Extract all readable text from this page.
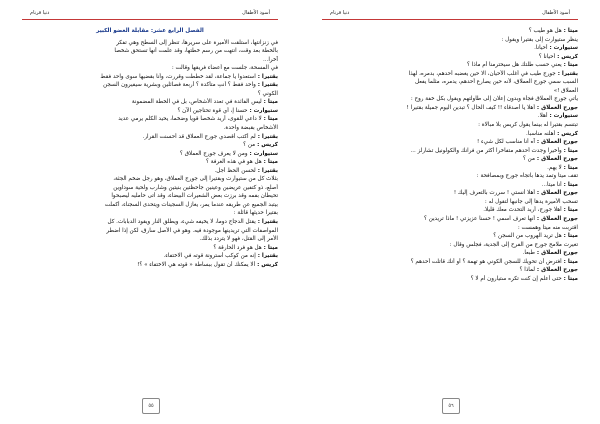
دنيا قرنام	أسود الأطفال

الفصل الرابع عشر: مقابلة العضو الكبير

في زنزانتها، استلقت الأميرة على سريرها، تنظر إلى السطح وهي تفكر

بالخطة بعد وقت، انتهت من رسم خطتها، وقد علمت أنها تستحق شخصا

آخرا...

في المسحة، جلست مع أعضاء فريقها وقالت :

بقتيرا : استعدوا يا جماعة، لقد خططت وقررت، وأنا بقضيها سوى واحد فقط

بقتيرا : واحد فقط ؟ أنتِ متأكدة ؟ أربعة فصائلين وبشرية سيفيرون السجن

الكوني ؟

ميتا : ليس الفائدة في تعدد الأشخاص، بل في الخطة المضمونة

ستيوارت : حسنا إ، أي قوة تحتاجين الآن ؟

ميتا : لا داعي للقوى، أريد شخصا قويا وضخما، يحيد الكلم يرمي عديد

الأشخاص بقبضة واحدة.

بقتيرا : لم أكتب أقصدي جورج العملاق قد أحسنت القرار.

كريس : من ؟

ستيوارت : ومن لا يعرف جورج العملاق ؟

ميتا : هل هو في هذه الغرفة ؟

بقتيرا : لحسن الحظ أجل.

بثلاث كل من ستيوارت وبقتيرا إلى جورج العملاق، وهو رجل ضخم الجثة،

أصلع، ذو كتفين عريضين وعينين جاحظتين بنيتين وشارب ولحية سوداوين

تحيطان بفمه وقد برزت بعض الشعيرات البيضاء، وقد أتى حامليه ليصبحوا

بيتبد الجميع عن طريقه عندما يمر، يغازل السجينات ويتحدى السجناء، أكملت

بقتيرا حديثها قائلة :

بقتيرا : يقتل الدجاج دوما، لا يخيفه شيء، ويطلق النار ويقود الدبابات. كل

المواصفات التي تريدينها موجودة فيه. وهو في الأصل سارق، لكن إذا اضطر

الأمر إلى القتل، فهو لا يتردد بذلك.

ميتا : هل هو فرد الحارقة ؟

بقتيرا : إنه من كوكب أسترونة قوته في الاختفاء.

كريس : ألا يمكنك أن تقول ببساطة « قوته هي الاختفاء » ؟!

٥٥
دنيا قرنام	أسود الأطفال

ميتا : هل هو طيب ؟

ينظر ستيوارت إلى بقتيرا ويقول :

ستيوارت : أحيانا.

كريس : أحيانا ؟

ميتا : يعني حسب طلتك هل سيحترمنا أم ماذا ؟

بقتيرا : جورج طيب في أغلب الأحيان، الا حين يغضبه أحدهم، بدمره، لهذا

السبب سمي جورج العملاق، لأنه حين يصارع أحدهم، يدمره، مثلما يفعل

العملاق !»

يأتي جورج العملاق فجأة وبدون إعلان إلى طاولتهم ويقول بكل خفة روح :

جورج العملاق : أهلا يا أصدقاء !! كيف الحال ؟ تبدين اليوم جميلة بقتيرا !

ستيوارت : أهلا.

تبتسم بقتيرا له بينما يقول كريس بلا مبالاة :

كريس : أهلنه مناسبا.

جورج العملاق : آه أنا مناسب لكل شيء !

ميتا : وأخيرا وجدت أحدهم متفاخرا أكثر من فرانك والكولونيل تشارلز ...

جورج العملاق : من ؟

ميتا : لا يهم.

تقف ميتا وتمد يدها باتجاه جورج وبمصافحة :

ميتا : أنا ميتا...

جورج العملاق : أهلا أنستي ! سررت بالتعرف إليك !

تسحب الأميرة يدها إلى جانبها لتقول له :

ميتا : أهلا جورج، أريد التحدث معك قليلا.

جورج العملاق : أنها تعرف اسمي ! حسنا عزيزتي ! ماذا تريدين ؟

اقتربت منه ميتا وهمست :

ميتا : هل تريد الهروب من السجن ؟

تغيرت ملامح جورج من الفرح إلى الجدية، فجلس وقال :

جورج العملاق : طبعا.

ميتا : أفترض أن تحويك للسجن الكوني هو تهمة ؟ أو أنك قاتلت أحدهم ؟

جورج العملاق : لماذا ؟

ميتا : حتى أعلم إن كنت تكره ستيارون أم لا ؟

٥٦
